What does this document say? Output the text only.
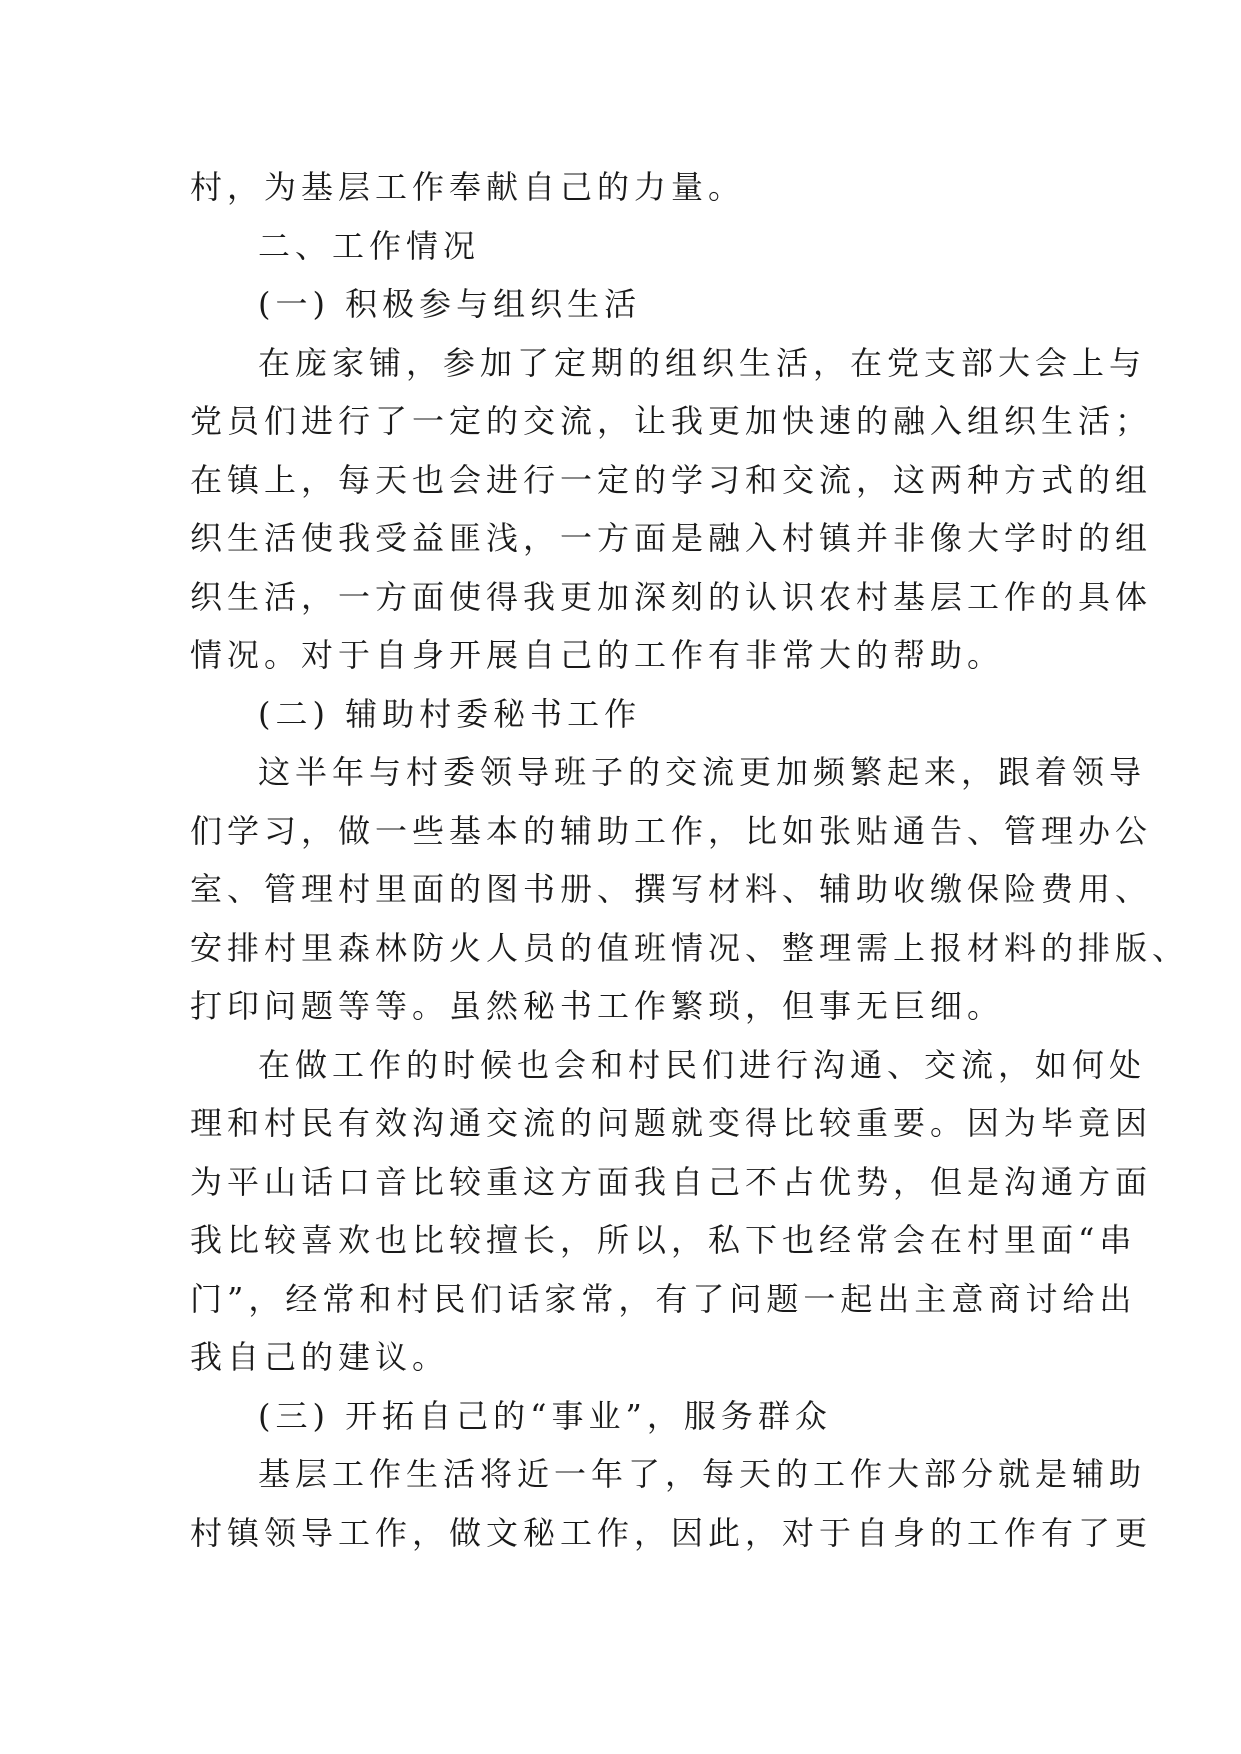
村，为基层工作奉献自己的力量。
二、工作情况
(一) 积极参与组织生活
在庞家铺，参加了定期的组织生活，在党支部大会上与
党员们进行了一定的交流，让我更加快速的融入组织生活；
在镇上，每天也会进行一定的学习和交流，这两种方式的组
织生活使我受益匪浅，一方面是融入村镇并非像大学时的组
织生活，一方面使得我更加深刻的认识农村基层工作的具体
情况。对于自身开展自己的工作有非常大的帮助。
(二) 辅助村委秘书工作
这半年与村委领导班子的交流更加频繁起来，跟着领导
们学习，做一些基本的辅助工作，比如张贴通告、管理办公
室、管理村里面的图书册、撰写材料、辅助收缴保险费用、
安排村里森林防火人员的值班情况、整理需上报材料的排版、
打印问题等等。虽然秘书工作繁琐，但事无巨细。
在做工作的时候也会和村民们进行沟通、交流，如何处
理和村民有效沟通交流的问题就变得比较重要。因为毕竟因
为平山话口音比较重这方面我自己不占优势，但是沟通方面
我比较喜欢也比较擅长，所以，私下也经常会在村里面“串
门”，经常和村民们话家常，有了问题一起出主意商讨给出
我自己的建议。
(三) 开拓自己的“事业”，服务群众
基层工作生活将近一年了，每天的工作大部分就是辅助
村镇领导工作，做文秘工作，因此，对于自身的工作有了更
